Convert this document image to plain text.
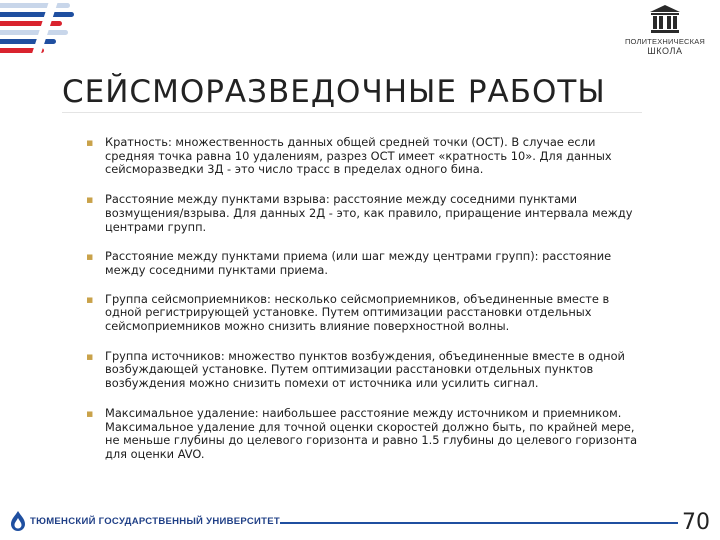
ПОЛИТЕХНИЧЕСКАЯ
ШКОЛА
СЕЙСМОРАЗВЕДОЧНЫЕ РАБОТЫ
▪ Кратность: множественность данных общей средней точки (ОСТ). В случае если средняя точка равна 10 удалениям, разрез ОСТ имеет «кратность 10». Для данных сейсморазведки 3Д - это число трасс в пределах одного бина.
▪ Расстояние между пунктами взрыва: расстояние между соседними пунктами возмущения/взрыва. Для данных 2Д - это, как правило, приращение интервала между центрами групп.
▪ Расстояние между пунктами приема (или шаг между центрами групп): расстояние между соседними пунктами приема.
▪ Группа сейсмоприемников: несколько сейсмоприемников, объединенные вместе в одной регистрирующей установке. Путем оптимизации расстановки отдельных сейсмоприемников можно снизить влияние поверхностной волны.
▪ Группа источников: множество пунктов возбуждения, объединенные вместе в одной возбуждающей установке. Путем оптимизации расстановки отдельных пунктов возбуждения можно снизить помехи от источника или усилить сигнал.
▪ Максимальное удаление: наибольшее расстояние между источником и приемником. Максимальное удаление для точной оценки скоростей должно быть, по крайней мере, не меньше глубины до целевого горизонта и равно 1.5 глубины до целевого горизонта для оценки AVO.
ТЮМЕНСКИЙ ГОСУДАРСТВЕННЫЙ УНИВЕРСИТЕТ	70
